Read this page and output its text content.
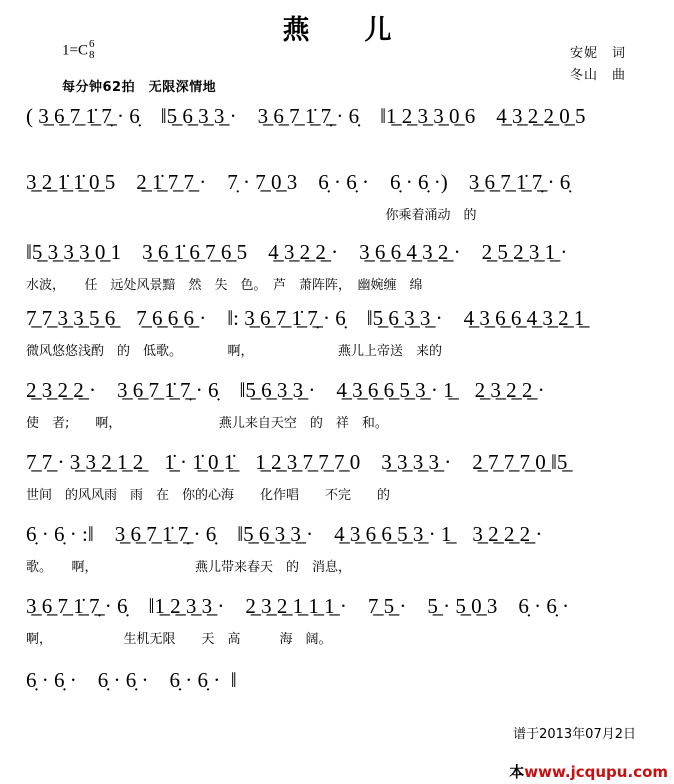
燕　儿
1=C 6
8	安妮　词
冬山　曲
每分钟62拍　无限深情地
( 3̲ 6̲ 7̲ 1̲̇ 7̣̲ · 6̣    ǁ5̲ 6̲ 3̲ 3̲ ·    3̲ 6̲ 7̲ 1̲̇ 7̣̲ · 6̣    ǁ1̲ 2̲ 3̲ 3̲ 0̲ 6    4̲ 3̲ 2̲ 2̲ 0̲ 5
3̲ 2̲ 1̲̇ 1̲̇ 0̲ 5    2̲ 1̲̇ 7̲ 7̲ ·    7̣ · 7̲ 0̲ 3    6̣ · 6̣ ·    6̣ · 6̣ ·)    3̲ 6̲ 7̲ 1̲̇ 7̣̲ · 6̣
你乘着涌动　的
ǁ5̲ 3̲ 3̲ 3̲ 0̲ 1    3̲ 6̲ 1̲̇ 6̲ 7̲ 6̲ 5    4̲ 3̲ 2̲ 2̲ ·    3̲ 6̲ 6̲ 4̲ 3̲ 2̲ ·    2̲ 5̲ 2̲ 3̲ 1̲ ·
水波，　　任　远处风景黯　然　失　色。　芦　萧阵阵，　幽婉缠　绵
7̲ 7̲ 3̲ 3̲ 5̲ 6̲    7̲ 6̲ 6̲ 6̲ ·    ‖: 3̲ 6̲ 7̲ 1̲̇ 7̣̲ · 6̣    ǁ5̲ 6̲ 3̲ 3̲ ·    4̲ 3̲ 6̲ 6̲ 4̲ 3̲ 2̲ 1̲
微风悠悠浅酌　的　低歌。　　　　啊，　　　　　　　燕儿上帝送　来的
2̲ 3̲ 2̲ 2̲ ·    3̲ 6̲ 7̲ 1̲̇ 7̣̲ · 6̣    ǁ5̲ 6̲ 3̲ 3̲ ·    4̲ 3̲ 6̲ 6̲ 5̲ 3̲ · 1̲    2̲ 3̲ 2̲ 2̲ ·
使　者;　　啊，　　　　　　　　燕儿来自天空　的　祥　和。
7̲ 7̲ · 3̲ 3̲ 2̲ 1̲ 2̲    1̲̇ · 1̲̇ 0̲ 1̲̇    1̲ 2̲ 3̲ 7̲ 7̲ 7̲ 0    3̲ 3̲ 3̲ 3̲ ·    2̲ 7̲ 7̲ 7̲ 0̲ ǁ5̲
世间　的风风雨　雨　在　你的心海　　化作唱　　不完　　的
6̣ · 6̣ · :‖    3̲ 6̲ 7̲ 1̲̇ 7̣̲ · 6̣    ǁ5̲ 6̲ 3̲ 3̲ ·    4̲ 3̲ 6̲ 6̲ 5̲ 3̲ · 1̲    3̲ 2̲ 2̲ 2̲ ·
歌。　　啊，　　　　　　　　燕儿带来春天　的　消息，
3̲ 6̲ 7̲ 1̲̇ 7̣̲ · 6̣    ǁ1̲ 2̲ 3̲ 3̲ ·    2̲ 3̲ 2̲ 1̲ 1̲ 1̲ ·    7̲ 5̲ ·    5̲ · 5̲ 0̲ 3    6̣ · 6̣ ·
啊，　　　　　　生机无限　　天　高　　　海　阔。
6̣ · 6̣ ·    6̣ · 6̣ ·    6̣ · 6̣ ·  ‖
谱于2013年07月2日
本www.jcqupu.com
